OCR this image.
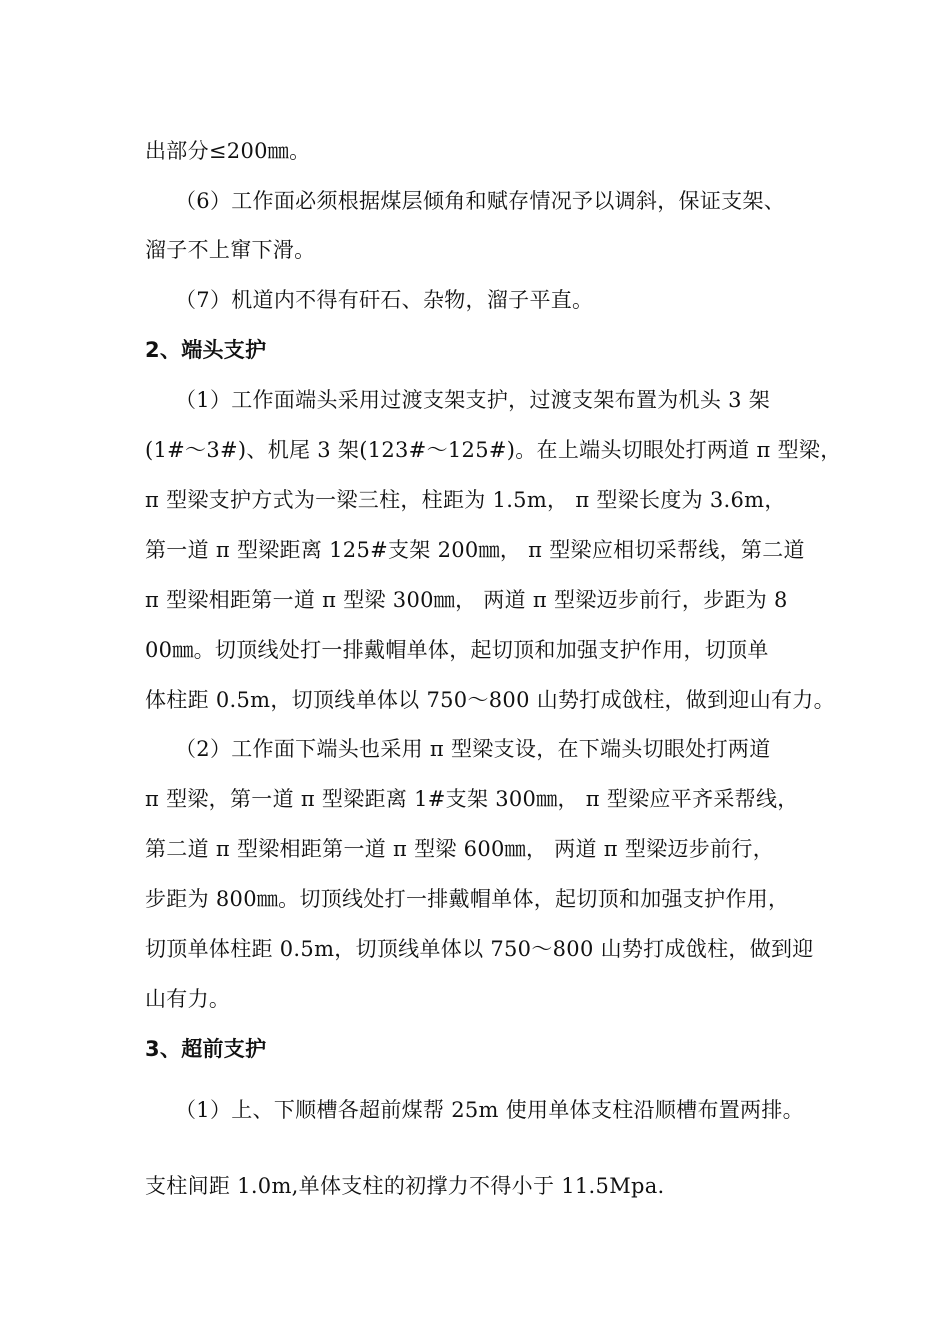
出部分≤200㎜。
（6）工作面必须根据煤层倾角和赋存情况予以调斜，保证支架、
溜子不上窜下滑。
（7）机道内不得有矸石、杂物，溜子平直。
2、端头支护
（1）工作面端头采用过渡支架支护，过渡支架布置为机头 3 架
(1#～3#)、机尾 3 架(123#～125#)。在上端头切眼处打两道 π 型梁，
π 型梁支护方式为一梁三柱，柱距为 1.5m， π 型梁长度为 3.6m，
第一道 π 型梁距离 125#支架 200㎜， π 型梁应相切采帮线，第二道
π 型梁相距第一道 π 型梁 300㎜， 两道 π 型梁迈步前行，步距为 8
00㎜。切顶线处打一排戴帽单体，起切顶和加强支护作用，切顶单
体柱距 0.5m，切顶线单体以 750～800 山势打成戗柱，做到迎山有力。
（2）工作面下端头也采用 π 型梁支设，在下端头切眼处打两道
π 型梁，第一道 π 型梁距离 1#支架 300㎜， π 型梁应平齐采帮线，
第二道 π 型梁相距第一道 π 型梁 600㎜， 两道 π 型梁迈步前行，
步距为 800㎜。切顶线处打一排戴帽单体，起切顶和加强支护作用，
切顶单体柱距 0.5m，切顶线单体以 750～800 山势打成戗柱，做到迎
山有力。
3、超前支护
（1）上、下顺槽各超前煤帮 25m 使用单体支柱沿顺槽布置两排。
支柱间距 1.0m,单体支柱的初撑力不得小于 11.5Mpa.
